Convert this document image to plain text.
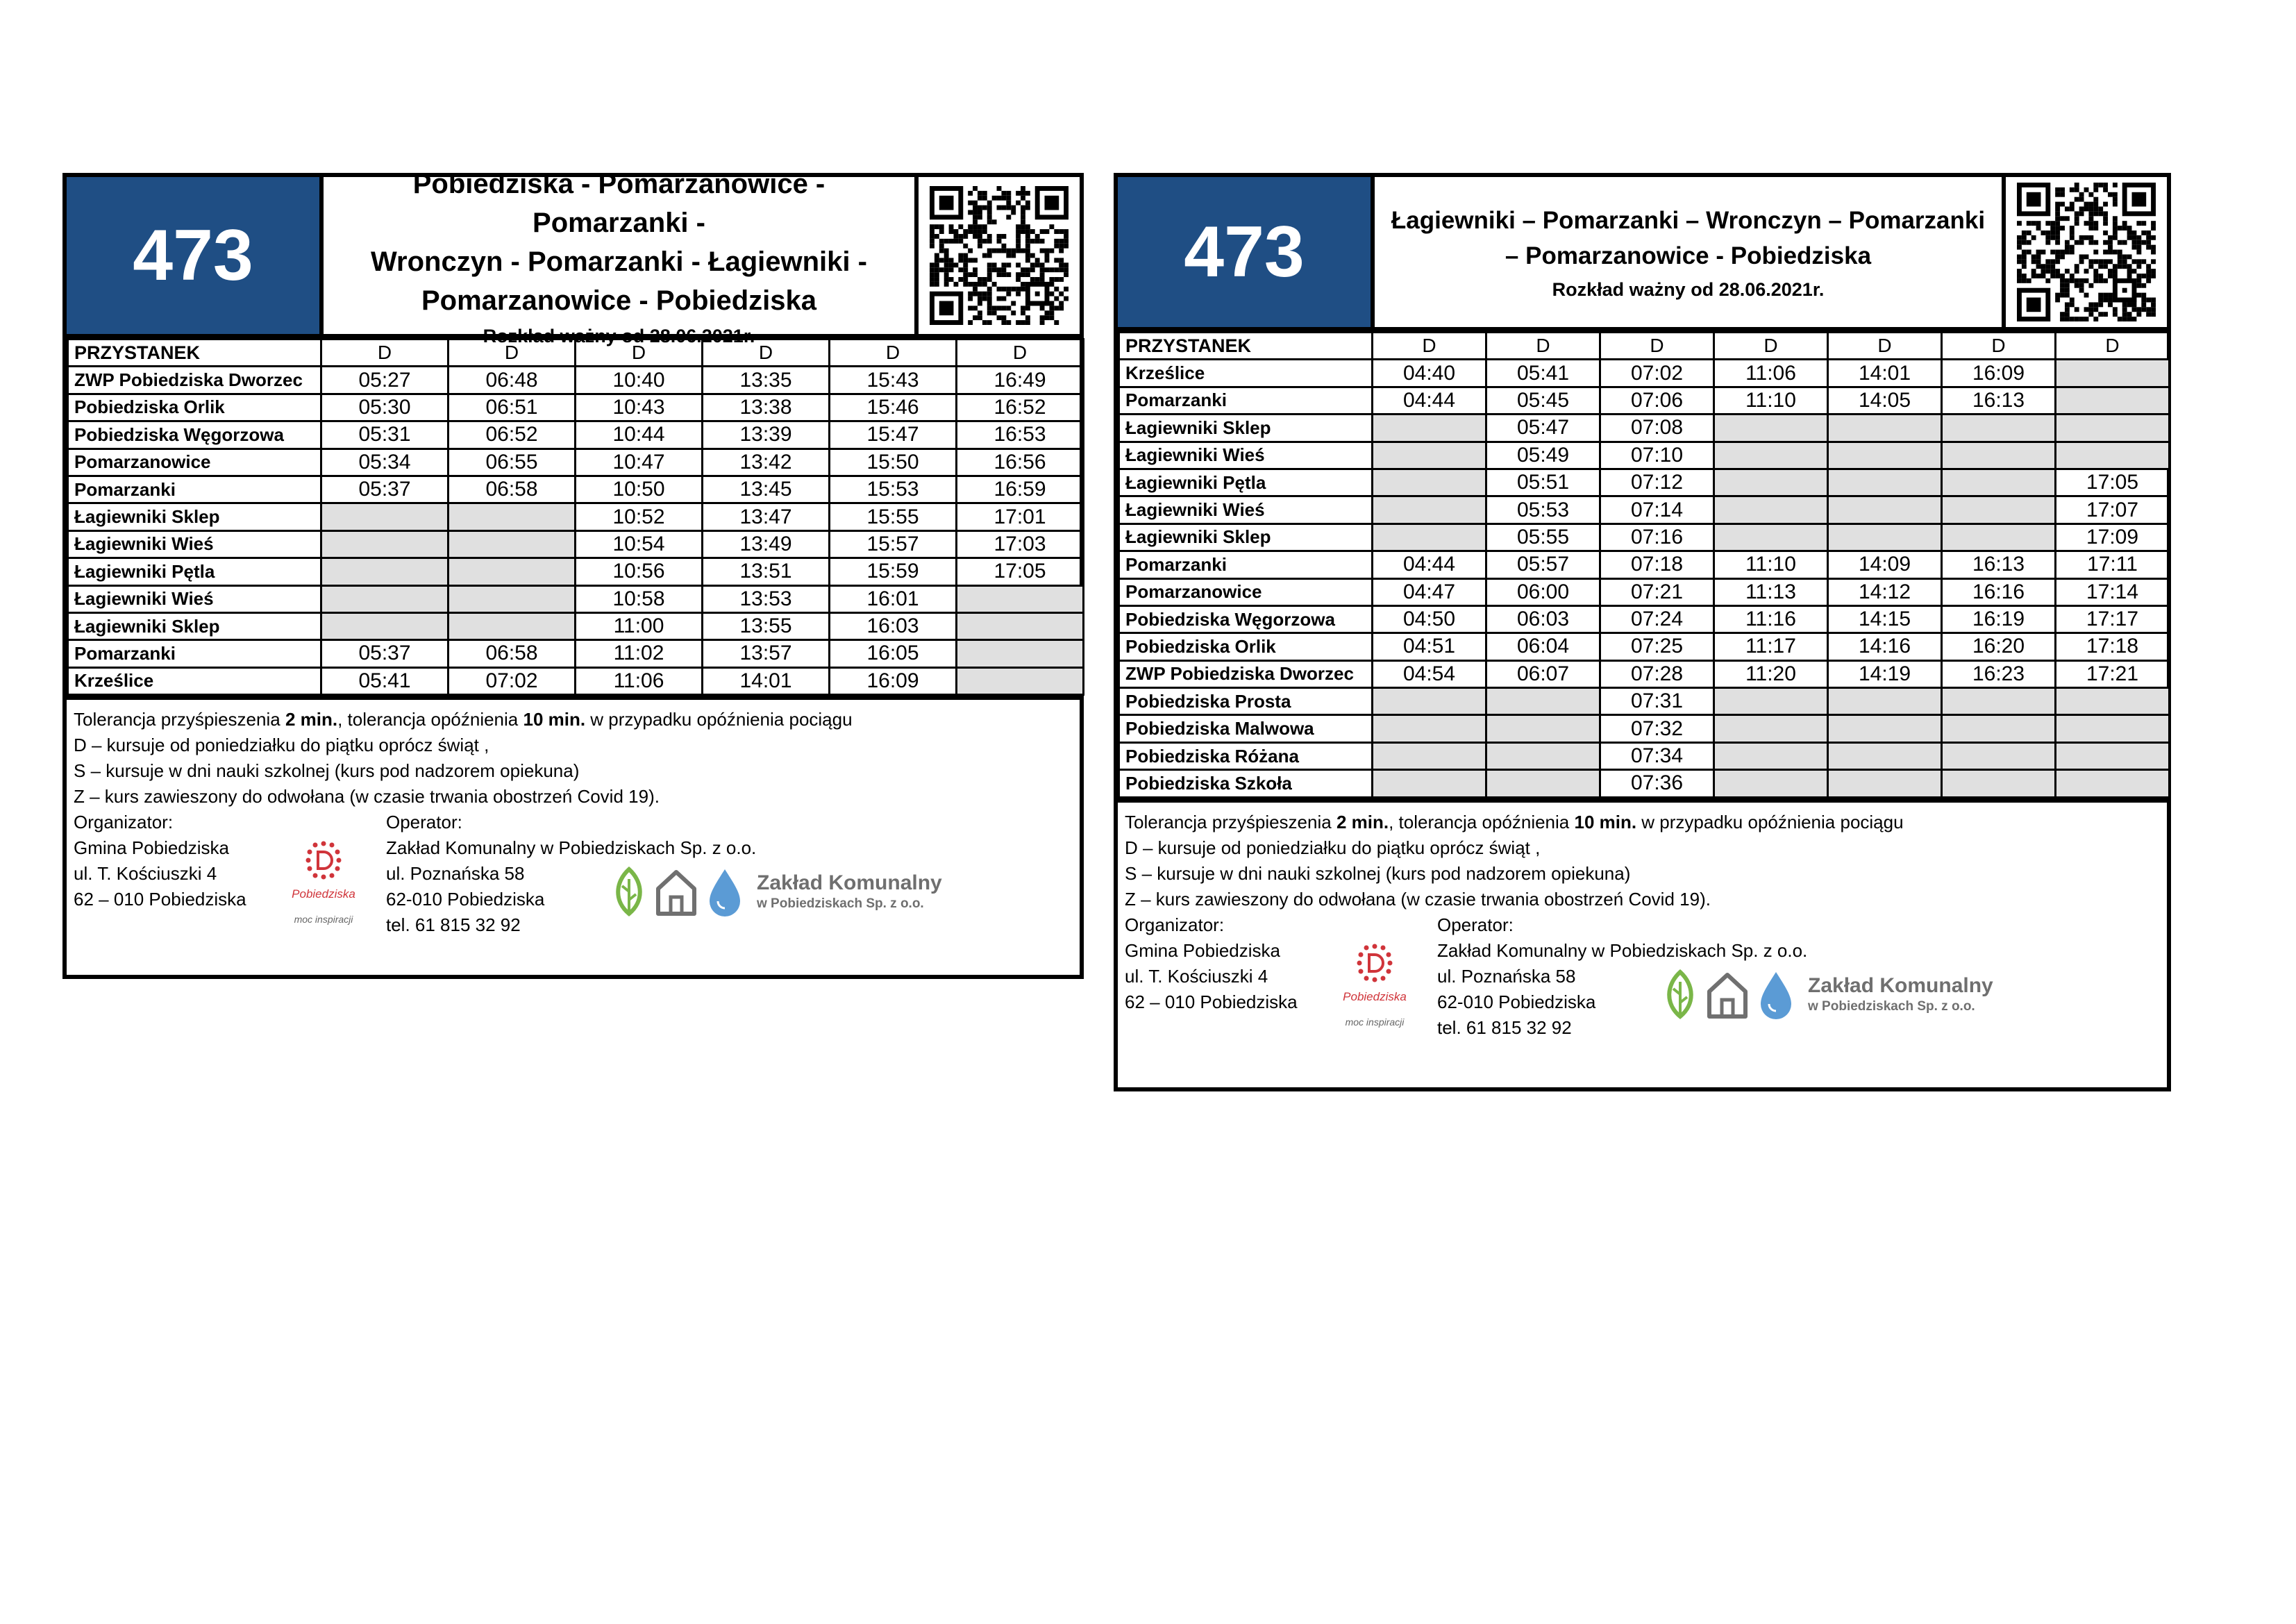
473
Pobiedziska - Pomarzanowice - Pomarzanki -
Wronczyn - Pomarzanki - Łagiewniki -
Pomarzanowice - Pobiedziska
Rozkład ważny od 28.06.2021r.
PRZYSTANEK	D	D	D	D	D	D
ZWP Pobiedziska Dworzec	05:27	06:48	10:40	13:35	15:43	16:49
Pobiedziska Orlik	05:30	06:51	10:43	13:38	15:46	16:52
Pobiedziska Węgorzowa	05:31	06:52	10:44	13:39	15:47	16:53
Pomarzanowice	05:34	06:55	10:47	13:42	15:50	16:56
Pomarzanki	05:37	06:58	10:50	13:45	15:53	16:59
Łagiewniki Sklep			10:52	13:47	15:55	17:01
Łagiewniki Wieś			10:54	13:49	15:57	17:03
Łagiewniki Pętla			10:56	13:51	15:59	17:05
Łagiewniki Wieś			10:58	13:53	16:01	
Łagiewniki Sklep			11:00	13:55	16:03	
Pomarzanki	05:37	06:58	11:02	13:57	16:05	
Krześlice	05:41	07:02	11:06	14:01	16:09	
Tolerancja przyśpieszenia 2 min., tolerancja opóźnienia 10 min. w przypadku opóźnienia pociągu
D – kursuje od poniedziałku do piątku oprócz świąt ,
S – kursuje w dni nauki szkolnej (kurs pod nadzorem opiekuna)
Z – kurs zawieszony do odwołana (w czasie trwania obostrzeń Covid 19).
Organizator:
Gmina Pobiedziska
ul. T. Kościuszki 4
62 – 010 Pobiedziska	Pobiedziska
moc inspiracji
Operator:
Zakład Komunalny w Pobiedziskach Sp. z o.o.
ul. Poznańska 58
62-010 Pobiedziska
tel. 61 815 32 92
Zakład Komunalny
w Pobiedziskach Sp. z o.o.
473	Łagiewniki – Pomarzanki – Wronczyn – Pomarzanki
– Pomarzanowice - Pobiedziska
Rozkład ważny od 28.06.2021r.
PRZYSTANEK	D	D	D	D	D	D	D
Krześlice	04:40	05:41	07:02	11:06	14:01	16:09	
Pomarzanki	04:44	05:45	07:06	11:10	14:05	16:13	
Łagiewniki Sklep		05:47	07:08				
Łagiewniki Wieś		05:49	07:10				
Łagiewniki Pętla		05:51	07:12				17:05
Łagiewniki Wieś		05:53	07:14				17:07
Łagiewniki Sklep		05:55	07:16				17:09
Pomarzanki	04:44	05:57	07:18	11:10	14:09	16:13	17:11
Pomarzanowice	04:47	06:00	07:21	11:13	14:12	16:16	17:14
Pobiedziska Węgorzowa	04:50	06:03	07:24	11:16	14:15	16:19	17:17
Pobiedziska Orlik	04:51	06:04	07:25	11:17	14:16	16:20	17:18
ZWP Pobiedziska Dworzec	04:54	06:07	07:28	11:20	14:19	16:23	17:21
Pobiedziska Prosta			07:31				
Pobiedziska Malwowa			07:32				
Pobiedziska Różana			07:34				
Pobiedziska Szkoła			07:36				
Tolerancja przyśpieszenia 2 min., tolerancja opóźnienia 10 min. w przypadku opóźnienia pociągu
D – kursuje od poniedziałku do piątku oprócz świąt ,
S – kursuje w dni nauki szkolnej (kurs pod nadzorem opiekuna)
Z – kurs zawieszony do odwołana (w czasie trwania obostrzeń Covid 19).
Organizator:
Gmina Pobiedziska
ul. T. Kościuszki 4
62 – 010 Pobiedziska	Pobiedziska
moc inspiracji
Operator:
Zakład Komunalny w Pobiedziskach Sp. z o.o.
ul. Poznańska 58
62-010 Pobiedziska
tel. 61 815 32 92
Zakład Komunalny
w Pobiedziskach Sp. z o.o.
